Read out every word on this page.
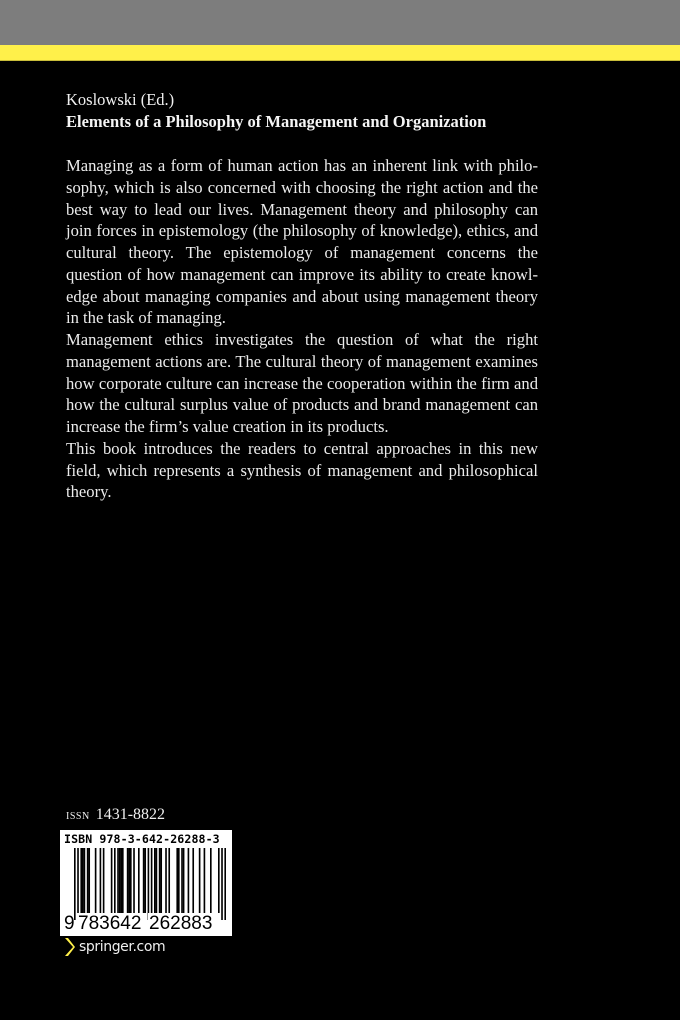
Koslowski (Ed.)
Elements of a Philosophy of Management and Organization

Managing as a form of human action has an inherent link with philosophy, which is also concerned with choosing the right action and the best way to lead our lives. Management theory and philosophy can join forces in epistemology (the philosophy of knowledge), ethics, and cultural theory. The epistemology of management concerns the question of how management can improve its ability to create knowledge about managing companies and about using management theory in the task of managing.

Management ethics investigates the question of what the right management actions are. The cultural theory of management examines how corporate culture can increase the cooperation within the firm and how the cultural surplus value of products and brand management can increase the firm’s value creation in its products.

This book introduces the readers to central approaches in this new field, which represents a synthesis of management and philosophical theory.

issn 1431-8822
ISBN 978-3-642-26288-3
9 783642 262883
springer.com
